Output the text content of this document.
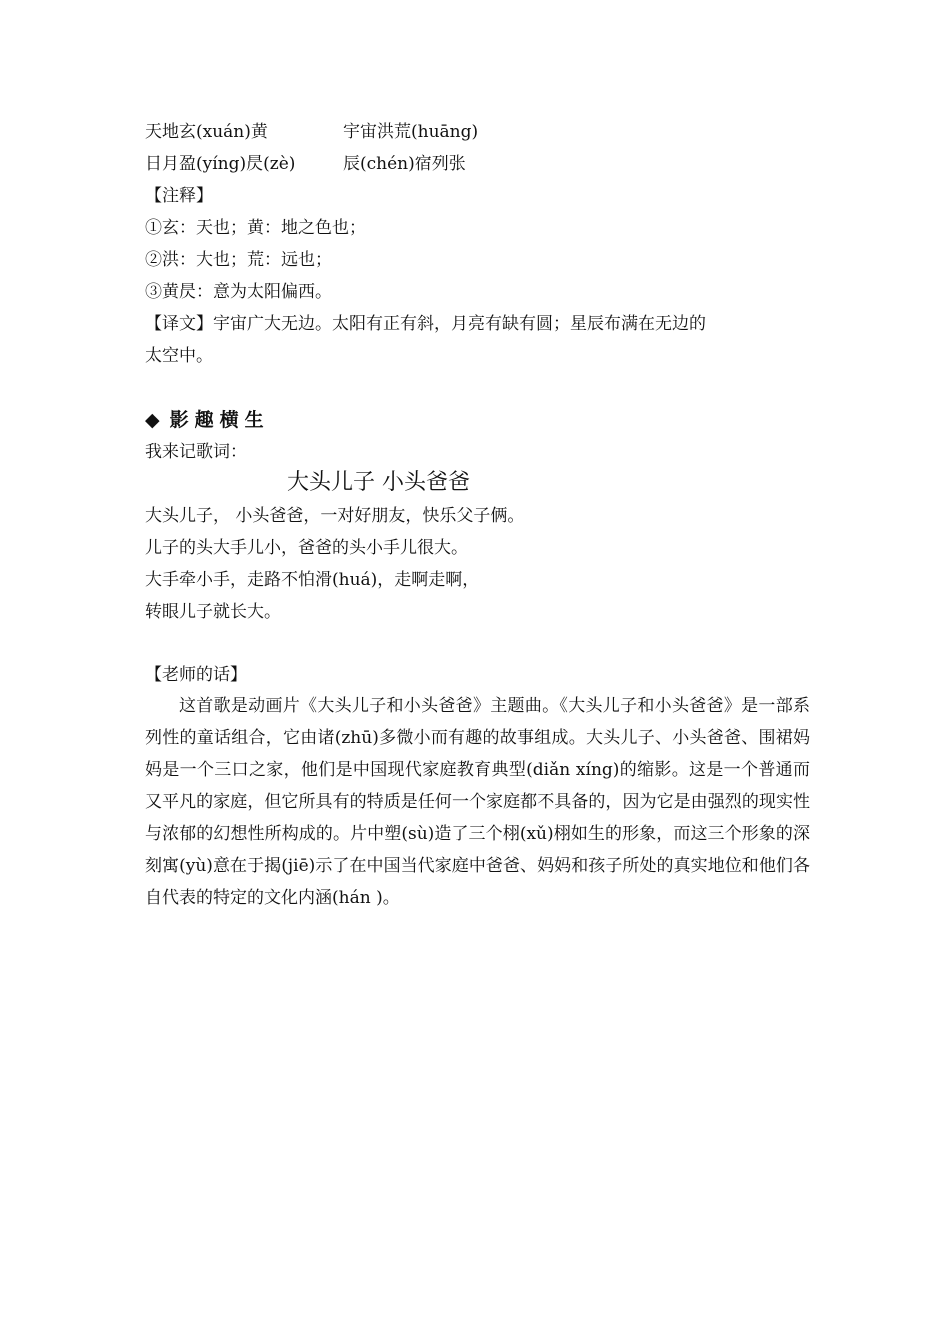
天地玄(xuán)黄	宇宙洪荒(huāng)
日月盈(yíng)昃(zè)	辰(chén)宿列张
【注释】
①玄：天也；黄：地之色也；
②洪：大也；荒：远也；
③黄昃：意为太阳偏西。
【译文】宇宙广大无边。太阳有正有斜，月亮有缺有圆；星辰布满在无边的
太空中。
◆ 影趣横生
我来记歌词：
大头儿子 小头爸爸
大头儿子， 小头爸爸，一对好朋友，快乐父子俩。
儿子的头大手儿小，爸爸的头小手儿很大。
大手牵小手，走路不怕滑(huá)，走啊走啊，
转眼儿子就长大。
【老师的话】

这首歌是动画片《大头儿子和小头爸爸》主题曲。《大头儿子和小头爸爸》是一部系列性的童话组合，它由诸(zhū)多微小而有趣的故事组成。大头儿子、小头爸爸、围裙妈妈是一个三口之家，他们是中国现代家庭教育典型(diǎn xíng)的缩影。这是一个普通而又平凡的家庭，但它所具有的特质是任何一个家庭都不具备的，因为它是由强烈的现实性与浓郁的幻想性所构成的。片中塑(sù)造了三个栩(xǔ)栩如生的形象，而这三个形象的深刻寓(yù)意在于揭(jiē)示了在中国当代家庭中爸爸、妈妈和孩子所处的真实地位和他们各自代表的特定的文化内涵(hán )。
